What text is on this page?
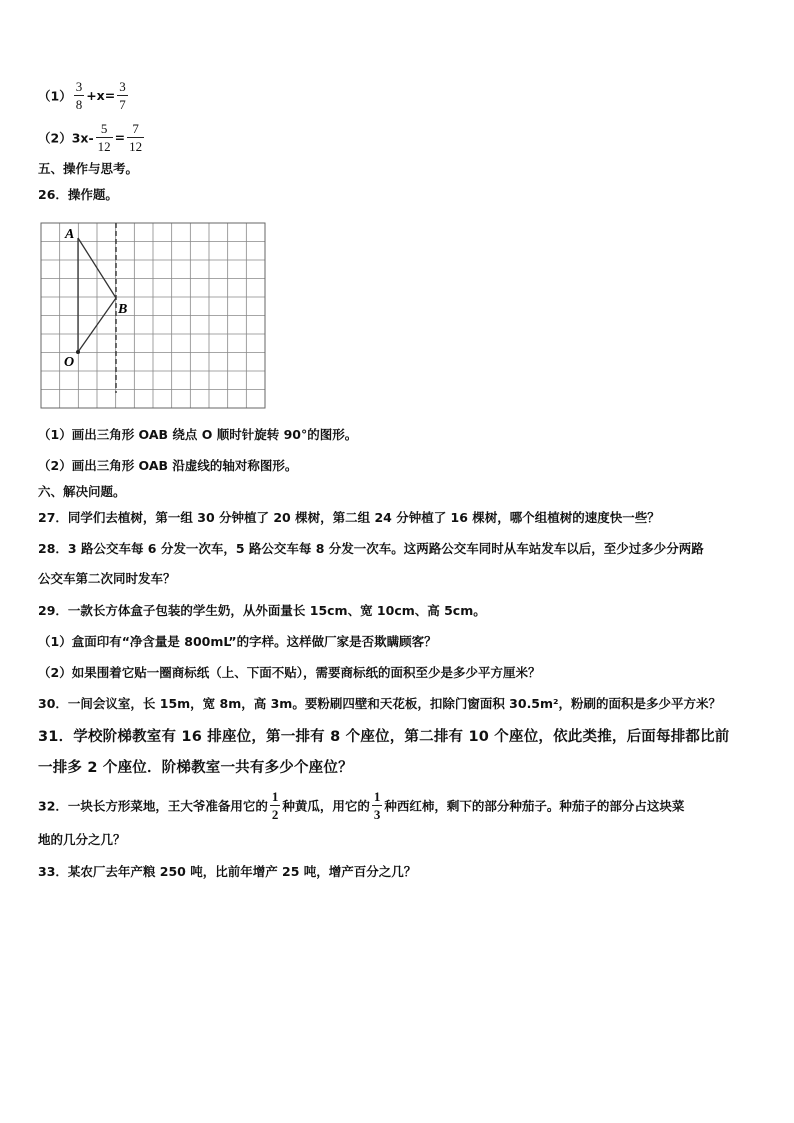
$(1) \frac{3}{8} +x= \frac{3}{7}$
$(2)3x- \frac{5}{12} = \frac{7}{12}$
五、操作与思考。
26．操作题。
A
B
O
（1）画出三角形 OAB 绕点 O 顺时针旋转 90°的图形。
（2）画出三角形 OAB 沿虚线的轴对称图形。
六、解决问题。
27．同学们去植树，第一组 30 分钟植了 20 棵树，第二组 24 分钟植了 16 棵树，哪个组植树的速度快一些？
28．3 路公交车每 6 分发一次车，5 路公交车每 8 分发一次车。这两路公交车同时从车站发车以后，至少过多少分两路
公交车第二次同时发车？
29．一款长方体盒子包装的学生奶，从外面量长 15cm、宽 10cm、高 5cm。
（1）盒面印有“净含量是 800mL”的字样。这样做厂家是否欺瞒顾客？
（2）如果围着它贴一圈商标纸（上、下面不贴），需要商标纸的面积至少是多少平方厘米？
30．一间会议室，长 15m，宽 8m，高 3m。要粉刷四壁和天花板，扣除门窗面积 30.5m²，粉刷的面积是多少平方米？
31．学校阶梯教室有 16 排座位，第一排有 8 个座位，第二排有 10 个座位，依此类推，后面每排都比前
一排多 2 个座位．阶梯教室一共有多少个座位？
32．一块长方形菜地，王大爷准备用它的 $\frac{1}{2}$ 种黄瓜，用它的 $\frac{1}{3}$ 种西红柿，剩下的部分种茄子。种茄子的部分占这块菜
地的几分之几？
33．某农厂去年产粮 250 吨，比前年增产 25 吨，增产百分之几？
